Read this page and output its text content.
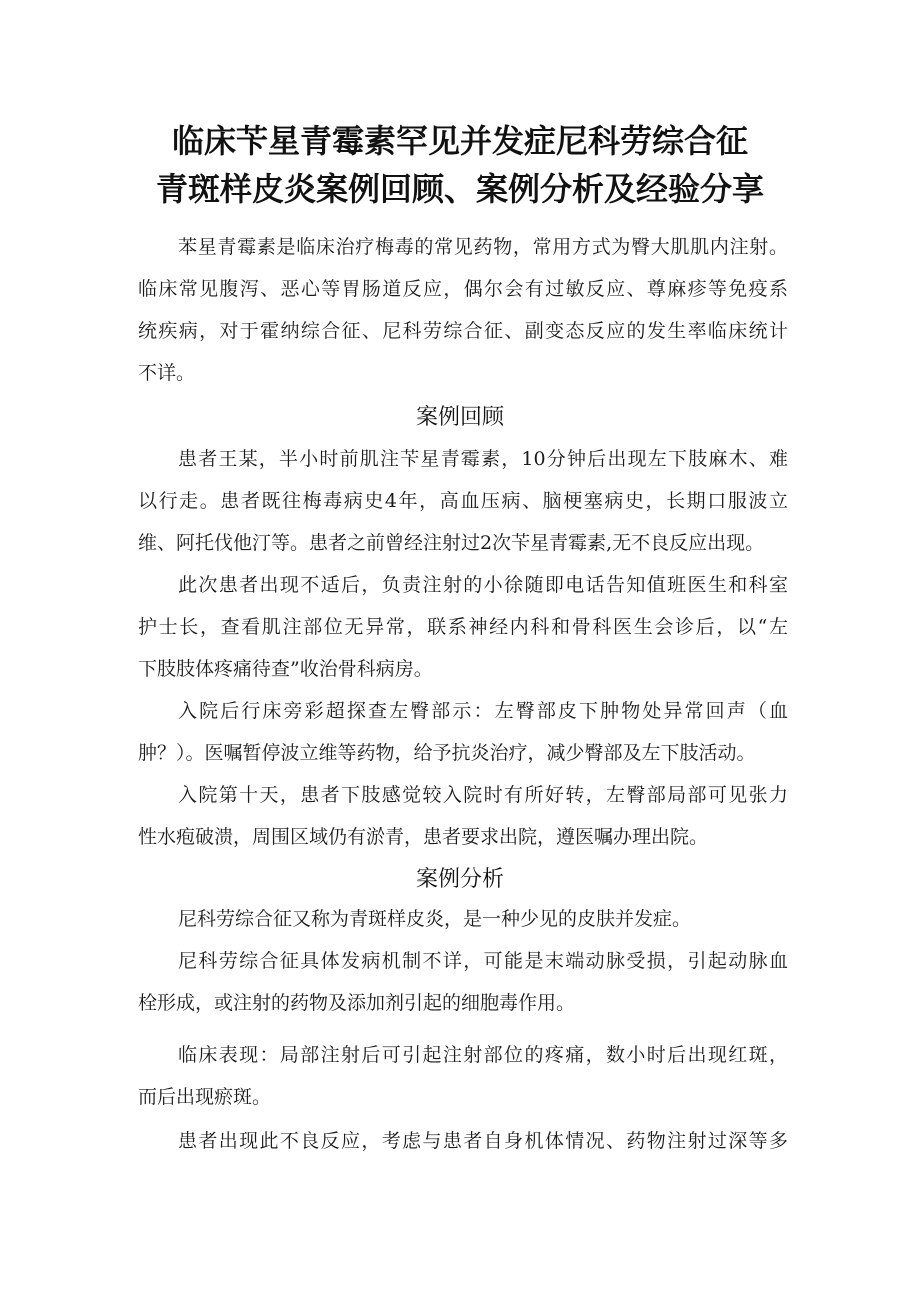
临床苄星青霉素罕见并发症尼科劳综合征
青斑样皮炎案例回顾、案例分析及经验分享
苯星青霉素是临床治疗梅毒的常见药物，常用方式为臀大肌肌内注射。
临床常见腹泻、恶心等胃肠道反应，偶尔会有过敏反应、尊麻疹等免疫系
统疾病，对于霍纳综合征、尼科劳综合征、副变态反应的发生率临床统计
不详。
案例回顾
患者王某，半小时前肌注苄星青霉素，10分钟后出现左下肢麻木、难
以行走。患者既往梅毒病史4年，高血压病、脑梗塞病史，长期口服波立
维、阿托伐他汀等。患者之前曾经注射过2次苄星青霉素,无不良反应出现。
此次患者出现不适后，负责注射的小徐随即电话告知值班医生和科室
护士长，查看肌注部位无异常，联系神经内科和骨科医生会诊后，以“左
下肢肢体疼痛待查”收治骨科病房。
入院后行床旁彩超探查左臀部示：左臀部皮下肿物处异常回声（血
肿？）。医嘱暂停波立维等药物，给予抗炎治疗，减少臀部及左下肢活动。
入院第十天，患者下肢感觉较入院时有所好转，左臀部局部可见张力
性水疱破溃，周围区域仍有淤青，患者要求出院，遵医嘱办理出院。
案例分析
尼科劳综合征又称为青斑样皮炎，是一种少见的皮肤并发症。
尼科劳综合征具体发病机制不详，可能是末端动脉受损，引起动脉血
栓形成，或注射的药物及添加剂引起的细胞毒作用。
临床表现：局部注射后可引起注射部位的疼痛，数小时后出现红斑，
而后出现瘀斑。
患者出现此不良反应，考虑与患者自身机体情况、药物注射过深等多
